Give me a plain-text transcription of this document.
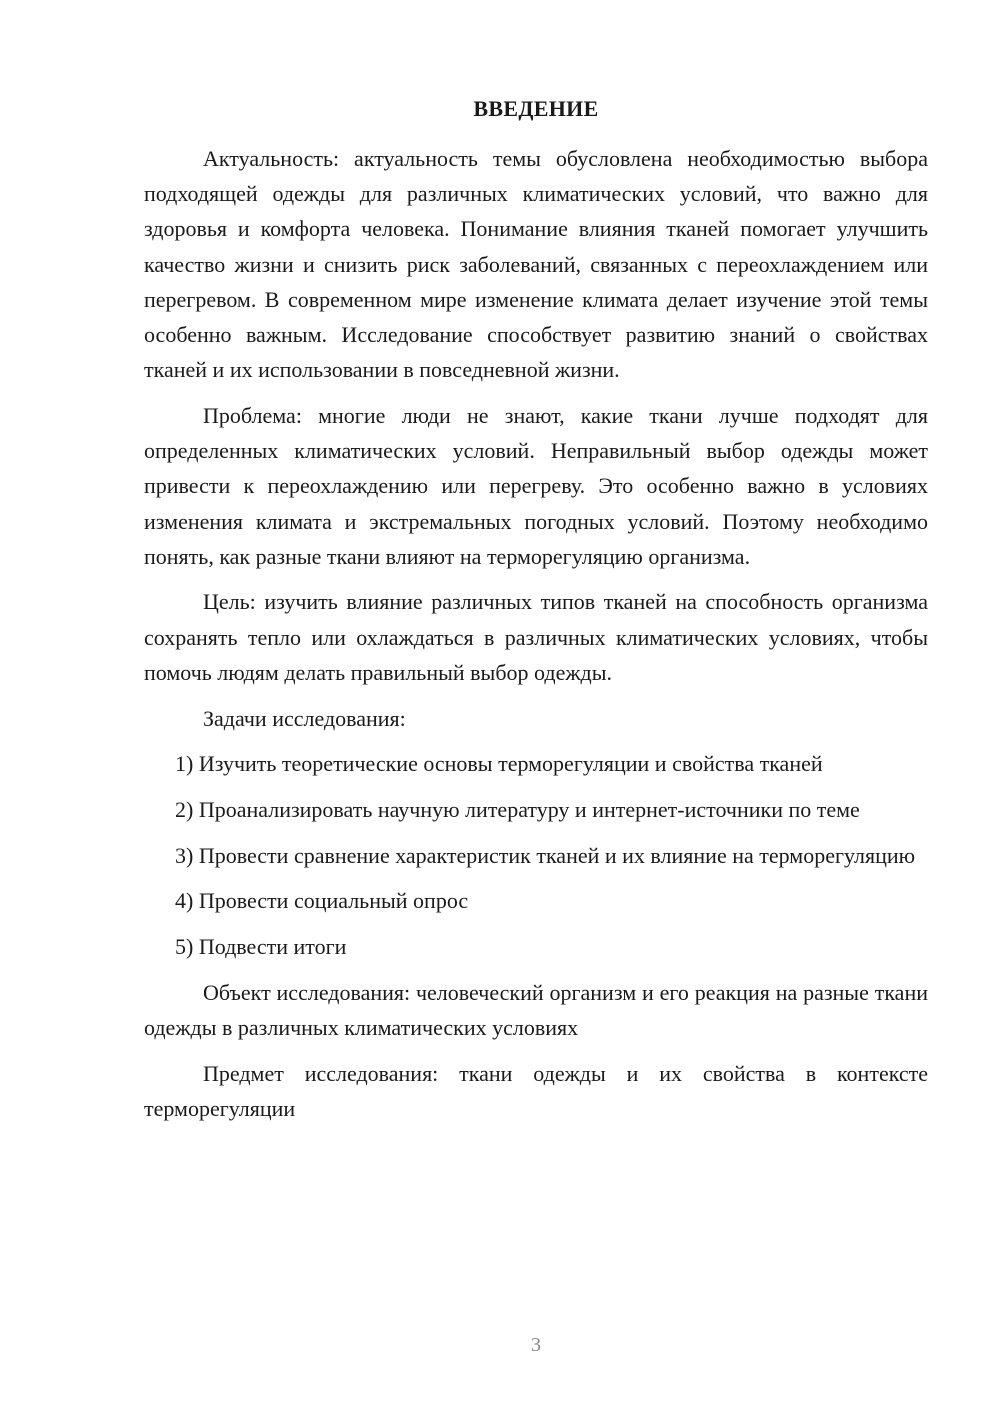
ВВЕДЕНИЕ

Актуальность: актуальность темы обусловлена необходимостью выбора подходящей одежды для различных климатических условий, что важно для здоровья и комфорта человека. Понимание влияния тканей помогает улучшить качество жизни и снизить риск заболеваний, связанных с переохлаждением или перегревом. В современном мире изменение климата делает изучение этой темы особенно важным. Исследование способствует развитию знаний о свойствах тканей и их использовании в повседневной жизни.

Проблема: многие люди не знают, какие ткани лучше подходят для определенных климатических условий. Неправильный выбор одежды может привести к переохлаждению или перегреву. Это особенно важно в условиях изменения климата и экстремальных погодных условий. Поэтому необходимо понять, как разные ткани влияют на терморегуляцию организма.

Цель: изучить влияние различных типов тканей на способность организма сохранять тепло или охлаждаться в различных климатических условиях, чтобы помочь людям делать правильный выбор одежды.

Задачи исследования:

1) Изучить теоретические основы терморегуляции и свойства тканей

2) Проанализировать научную литературу и интернет-источники по теме

3) Провести сравнение характеристик тканей и их влияние на терморегуляцию

4) Провести социальный опрос

5) Подвести итоги

Объект исследования: человеческий организм и его реакция на разные ткани одежды в различных климатических условиях

Предмет исследования: ткани одежды и их свойства в контексте терморегуляции

3
